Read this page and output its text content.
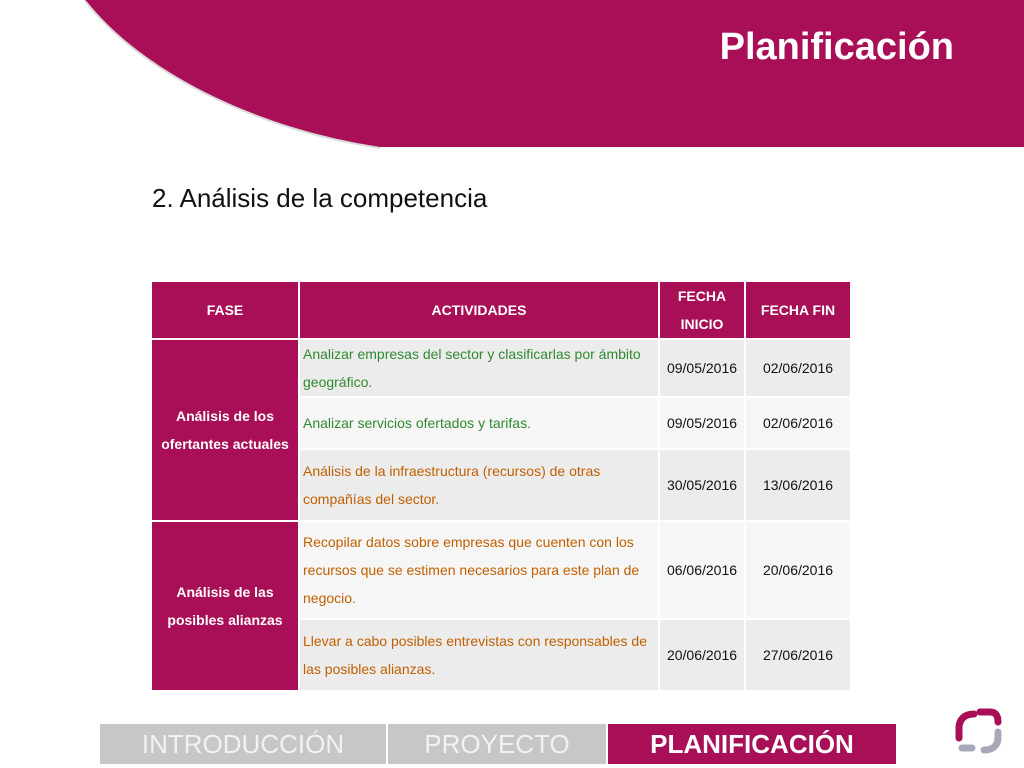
Planificación
2. Análisis de la competencia
FASE	ACTIVIDADES	FECHA INICIO	FECHA FIN
Análisis de los ofertantes actuales	Analizar empresas del sector y clasificarlas por ámbito geográfico.	09/05/2016	02/06/2016
	Analizar servicios ofertados y tarifas.	09/05/2016	02/06/2016
	Análisis de la infraestructura (recursos) de otras compañías del sector.	30/05/2016	13/06/2016
Análisis de las posibles alianzas	Recopilar datos sobre empresas que cuenten con los recursos que se estimen necesarios para este plan de negocio.	06/06/2016	20/06/2016
	Llevar a cabo posibles entrevistas con responsables de las posibles alianzas.	20/06/2016	27/06/2016
INTRODUCCIÓN	PROYECTO	PLANIFICACIÓN
